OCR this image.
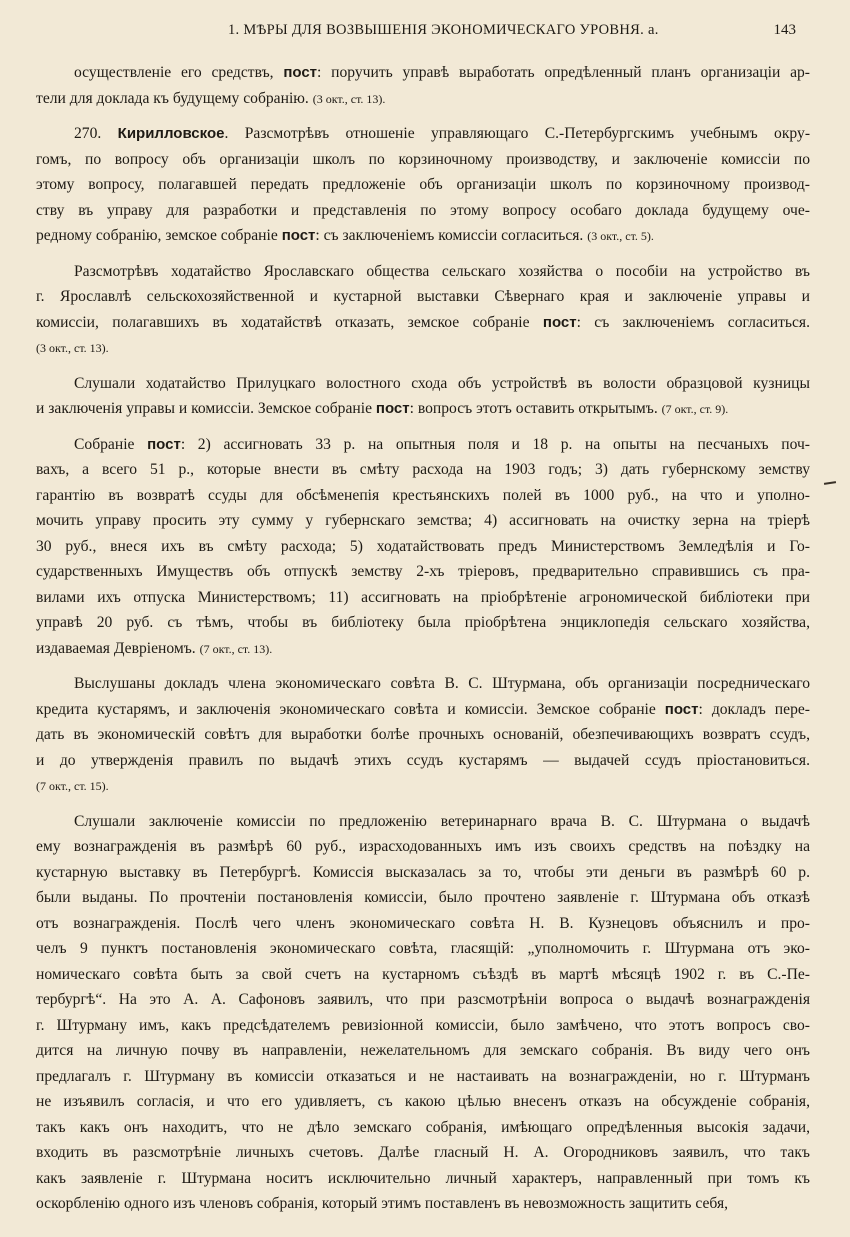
1. МѢРЫ ДЛЯ ВОЗВЫШЕНІЯ ЭКОНОМИЧЕСКАГО УРОВНЯ. а.	143
осуществленіе его средствъ, пост: поручить управѣ выработать опредѣленный планъ организаціи ар-
тели для доклада къ будущему собранію. (3 окт., ст. 13).
270. Кирилловское. Разсмотрѣвъ отношеніе управляющаго С.-Петербургскимъ учебнымъ окру-
гомъ, по вопросу объ организаціи школъ по корзиночному производству, и заключеніе комиссіи по
этому вопросу, полагавшей передать предложеніе объ организаціи школъ по корзиночному производ-
ству въ управу для разработки и представленія по этому вопросу особаго доклада будущему оче-
редному собранію, земское собраніе пост: съ заключеніемъ комиссіи согласиться. (3 окт., ст. 5).
Разсмотрѣвъ ходатайство Ярославскаго общества сельскаго хозяйства о пособіи на устройство въ
г. Ярославлѣ сельскохозяйственной и кустарной выставки Сѣвернаго края и заключеніе управы и
комиссіи, полагавшихъ въ ходатайствѣ отказать, земское собраніе пост: съ заключеніемъ согласиться.
(3 окт., ст. 13).
Слушали ходатайство Прилуцкаго волостного схода объ устройствѣ въ волости образцовой кузницы
и заключенія управы и комиссіи. Земское собраніе пост: вопросъ этотъ оставить открытымъ. (7 окт., ст. 9).
Собраніе пост: 2) ассигновать 33 р. на опытныя поля и 18 р. на опыты на песчаныхъ поч-
вахъ, а всего 51 р., которые внести въ смѣту расхода на 1903 годъ; 3) дать губернскому земству
гарантію въ возвратѣ ссуды для обсѣменепія крестьянскихъ полей въ 1000 руб., на что и уполно-
мочить управу просить эту сумму у губернскаго земства; 4) ассигновать на очистку зерна на тріерѣ
30 руб., внеся ихъ въ смѣту расхода; 5) ходатайствовать предъ Министерствомъ Земледѣлія и Го-
сударственныхъ Имуществъ объ отпускѣ земству 2-хъ тріеровъ, предварительно справившись съ пра-
вилами ихъ отпуска Министерствомъ; 11) ассигновать на пріобрѣтеніе агрономической библіотеки при
управѣ 20 руб. съ тѣмъ, чтобы въ библіотеку была пріобрѣтена энциклопедія сельскаго хозяйства,
издаваемая Девріеномъ. (7 окт., ст. 13).
Выслушаны докладъ члена экономическаго совѣта В. С. Штурмана, объ организаціи посредническаго
кредита кустарямъ, и заключенія экономическаго совѣта и комиссіи. Земское собраніе пост: докладъ пере-
дать въ экономическій совѣтъ для выработки болѣе прочныхъ основаній, обезпечивающихъ возвратъ ссудъ,
и до утвержденія правилъ по выдачѣ этихъ ссудъ кустарямъ — выдачей ссудъ пріостановиться.
(7 окт., ст. 15).
Слушали заключеніе комиссіи по предложенію ветеринарнаго врача В. С. Штурмана о выдачѣ
ему вознагражденія въ размѣрѣ 60 руб., израсходованныхъ имъ изъ своихъ средствъ на поѣздку на
кустарную выставку въ Петербургѣ. Комиссія высказалась за то, чтобы эти деньги въ размѣрѣ 60 р.
были выданы. По прочтеніи постановленія комиссіи, было прочтено заявленіе г. Штурмана объ отказѣ
отъ вознагражденія. Послѣ чего членъ экономическаго совѣта Н. В. Кузнецовъ объяснилъ и про-
челъ 9 пунктъ постановленія экономическаго совѣта, гласящій: „уполномочить г. Штурмана отъ эко-
номическаго совѣта быть за свой счетъ на кустарномъ съѣздѣ въ мартѣ мѣсяцѣ 1902 г. въ С.-Пе-
тербургѣ“. На это А. А. Сафоновъ заявилъ, что при разсмотрѣніи вопроса о выдачѣ вознагражденія
г. Штурману имъ, какъ предсѣдателемъ ревизіонной комиссіи, было замѣчено, что этотъ вопросъ сво-
дится на личную почву въ направленіи, нежелательномъ для земскаго собранія. Въ виду чего онъ
предлагалъ г. Штурману въ комиссіи отказаться и не настаивать на вознагражденіи, но г. Штурманъ
не изъявилъ согласія, и что его удивляетъ, съ какою цѣлью внесенъ отказъ на обсужденіе собранія,
такъ какъ онъ находитъ, что не дѣло земскаго собранія, имѣющаго опредѣленныя высокія задачи,
входить въ разсмотрѣніе личныхъ счетовъ. Далѣе гласный Н. А. Огородниковъ заявилъ, что такъ
какъ заявленіе г. Штурмана носитъ исключительно личный характеръ, направленный при томъ къ
оскорбленію одного изъ членовъ собранія, который этимъ поставленъ въ невозможность защитить себя,
